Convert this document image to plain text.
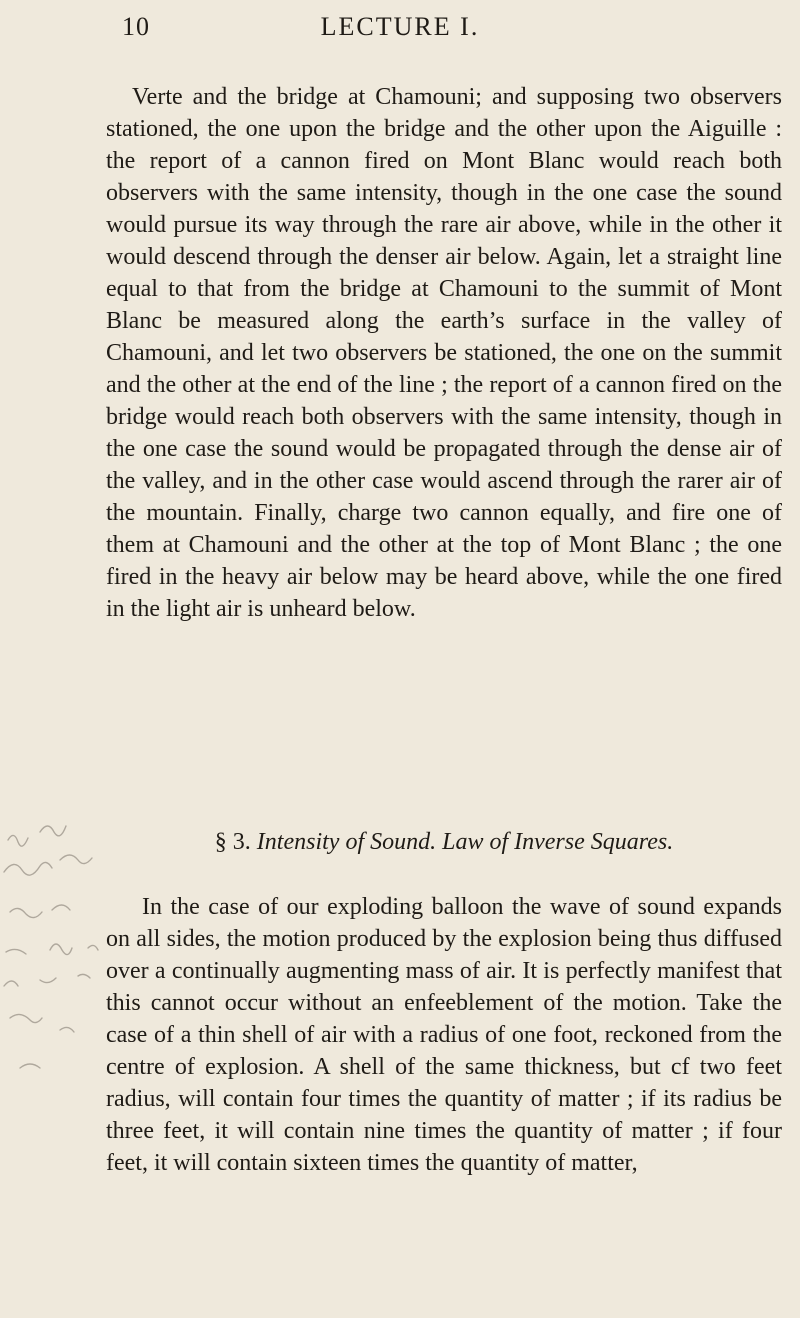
10	LECTURE I.

Verte and the bridge at Chamouni; and supposing two observers stationed, the one upon the bridge and the other upon the Aiguille : the report of a cannon fired on Mont Blanc would reach both observers with the same intensity, though in the one case the sound would pursue its way through the rare air above, while in the other it would descend through the denser air below. Again, let a straight line equal to that from the bridge at Chamouni to the summit of Mont Blanc be measured along the earth’s surface in the valley of Chamouni, and let two observers be stationed, the one on the summit and the other at the end of the line ; the report of a cannon fired on the bridge would reach both observers with the same intensity, though in the one case the sound would be propagated through the dense air of the valley, and in the other case would ascend through the rarer air of the mountain. Finally, charge two cannon equally, and fire one of them at Chamouni and the other at the top of Mont Blanc ; the one fired in the heavy air below may be heard above, while the one fired in the light air is unheard below.

§ 3. Intensity of Sound. Law of Inverse Squares.

In the case of our exploding balloon the wave of sound expands on all sides, the motion produced by the explosion being thus diffused over a continually augmenting mass of air. It is perfectly manifest that this cannot occur without an enfeeblement of the motion. Take the case of a thin shell of air with a radius of one foot, reckoned from the centre of explosion. A shell of the same thickness, but cf two feet radius, will contain four times the quantity of matter ; if its radius be three feet, it will contain nine times the quantity of matter ; if four feet, it will contain sixteen times the quantity of matter,
